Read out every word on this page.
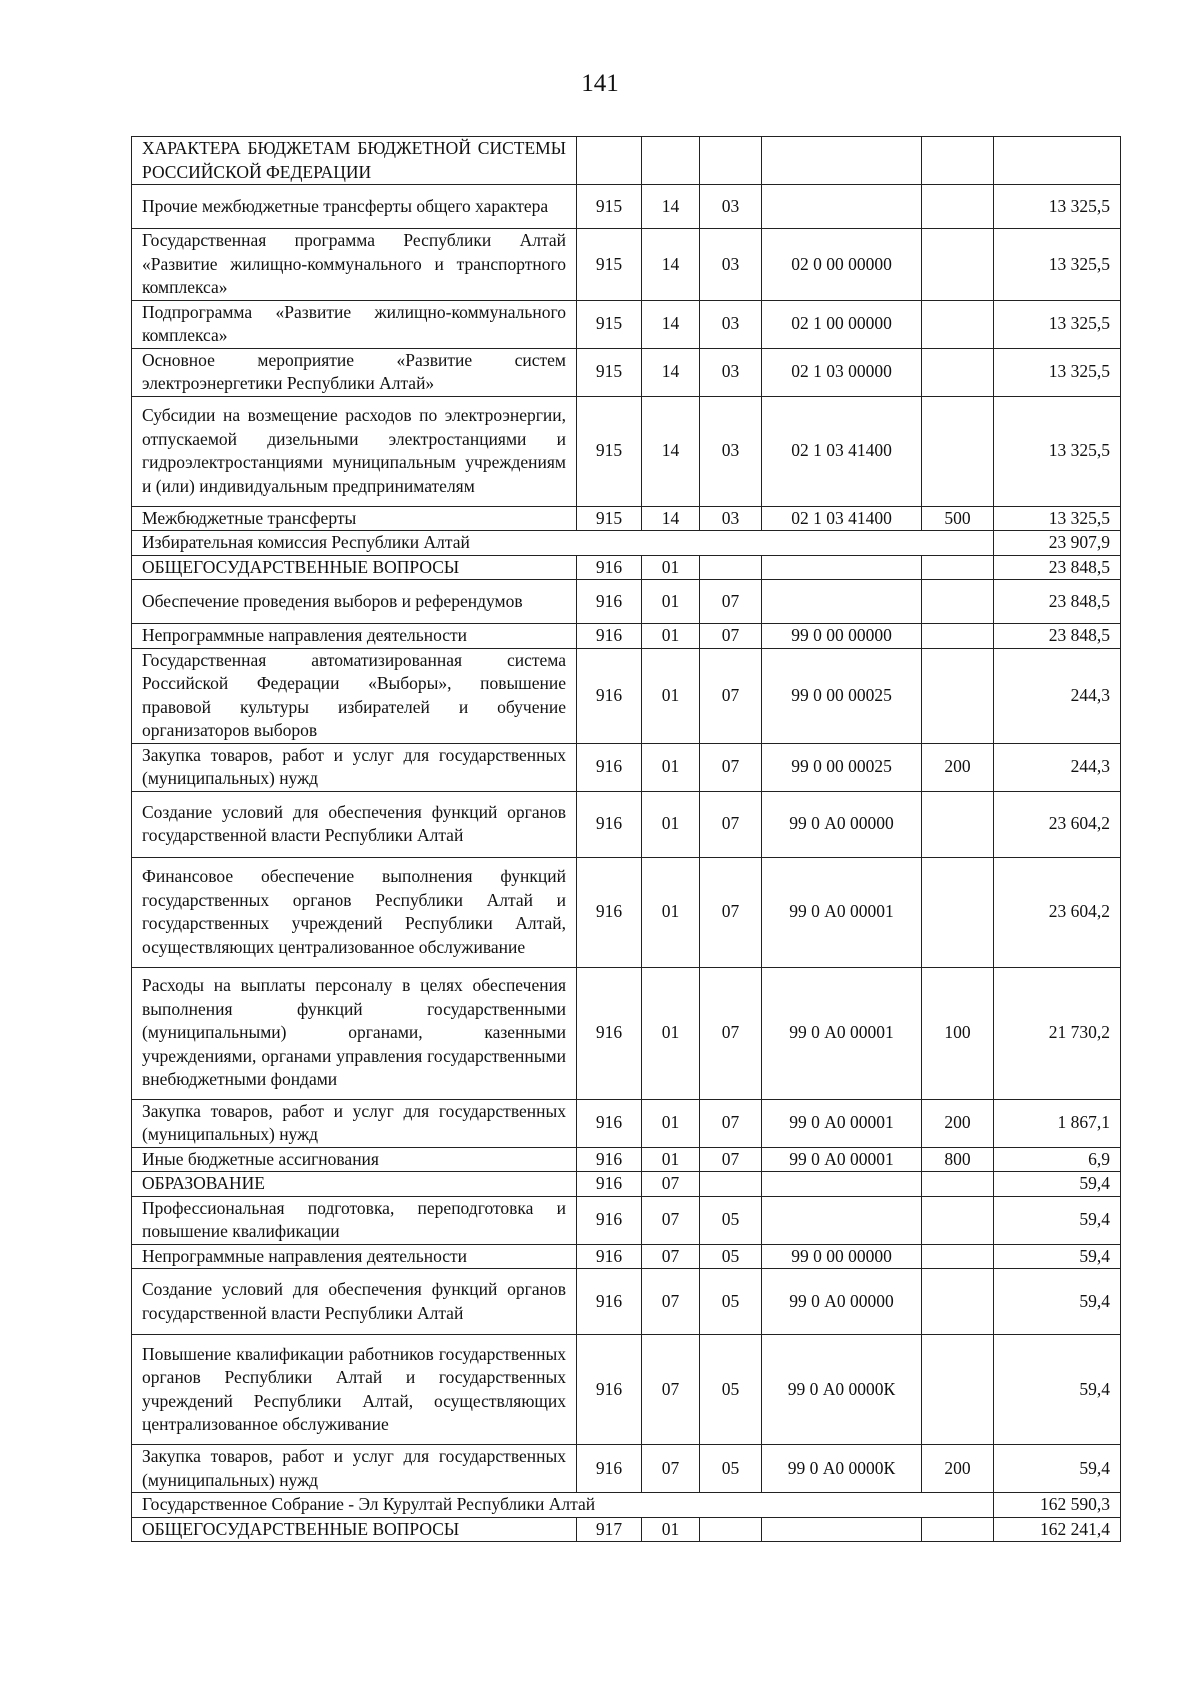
141
ХАРАКТЕРА БЮДЖЕТАМ БЮДЖЕТНОЙ СИСТЕМЫ РОССИЙСКОЙ ФЕДЕРАЦИИ						
Прочие межбюджетные трансферты общего характера	915	14	03			13 325,5
Государственная программа Республики Алтай «Развитие жилищно-коммунального и транспортного комплекса»	915	14	03	02 0 00 00000		13 325,5
Подпрограмма «Развитие жилищно-коммунального комплекса»	915	14	03	02 1 00 00000		13 325,5
Основное мероприятие «Развитие систем электроэнергетики Республики Алтай»	915	14	03	02 1 03 00000		13 325,5
Субсидии на возмещение расходов по электроэнергии, отпускаемой дизельными электростанциями и гидроэлектростанциями муниципальным учреждениям и (или) индивидуальным предпринимателям	915	14	03	02 1 03 41400		13 325,5
Межбюджетные трансферты	915	14	03	02 1 03 41400	500	13 325,5
Избирательная комиссия Республики Алтай						23 907,9
ОБЩЕГОСУДАРСТВЕННЫЕ ВОПРОСЫ	916	01				23 848,5
Обеспечение проведения выборов и референдумов	916	01	07			23 848,5
Непрограммные направления деятельности	916	01	07	99 0 00 00000		23 848,5
Государственная автоматизированная система Российской Федерации «Выборы», повышение правовой культуры избирателей и обучение организаторов выборов	916	01	07	99 0 00 00025		244,3
Закупка товаров, работ и услуг для государственных (муниципальных) нужд	916	01	07	99 0 00 00025	200	244,3
Создание условий для обеспечения функций органов государственной власти Республики Алтай	916	01	07	99 0 А0 00000		23 604,2
Финансовое обеспечение выполнения функций государственных органов Республики Алтай и государственных учреждений Республики Алтай, осуществляющих централизованное обслуживание	916	01	07	99 0 А0 00001		23 604,2
Расходы на выплаты персоналу в целях обеспечения выполнения функций государственными (муниципальными) органами, казенными учреждениями, органами управления государственными внебюджетными фондами	916	01	07	99 0 А0 00001	100	21 730,2
Закупка товаров, работ и услуг для государственных (муниципальных) нужд	916	01	07	99 0 А0 00001	200	1 867,1
Иные бюджетные ассигнования	916	01	07	99 0 А0 00001	800	6,9
ОБРАЗОВАНИЕ	916	07				59,4
Профессиональная подготовка, переподготовка и повышение квалификации	916	07	05			59,4
Непрограммные направления деятельности	916	07	05	99 0 00 00000		59,4
Создание условий для обеспечения функций органов государственной власти Республики Алтай	916	07	05	99 0 А0 00000		59,4
Повышение квалификации работников государственных органов Республики Алтай и государственных учреждений Республики Алтай, осуществляющих централизованное обслуживание	916	07	05	99 0 А0 0000К		59,4
Закупка товаров, работ и услуг для государственных (муниципальных) нужд	916	07	05	99 0 А0 0000К	200	59,4
Государственное Собрание - Эл Курултай Республики Алтай						162 590,3
ОБЩЕГОСУДАРСТВЕННЫЕ ВОПРОСЫ	917	01				162 241,4
